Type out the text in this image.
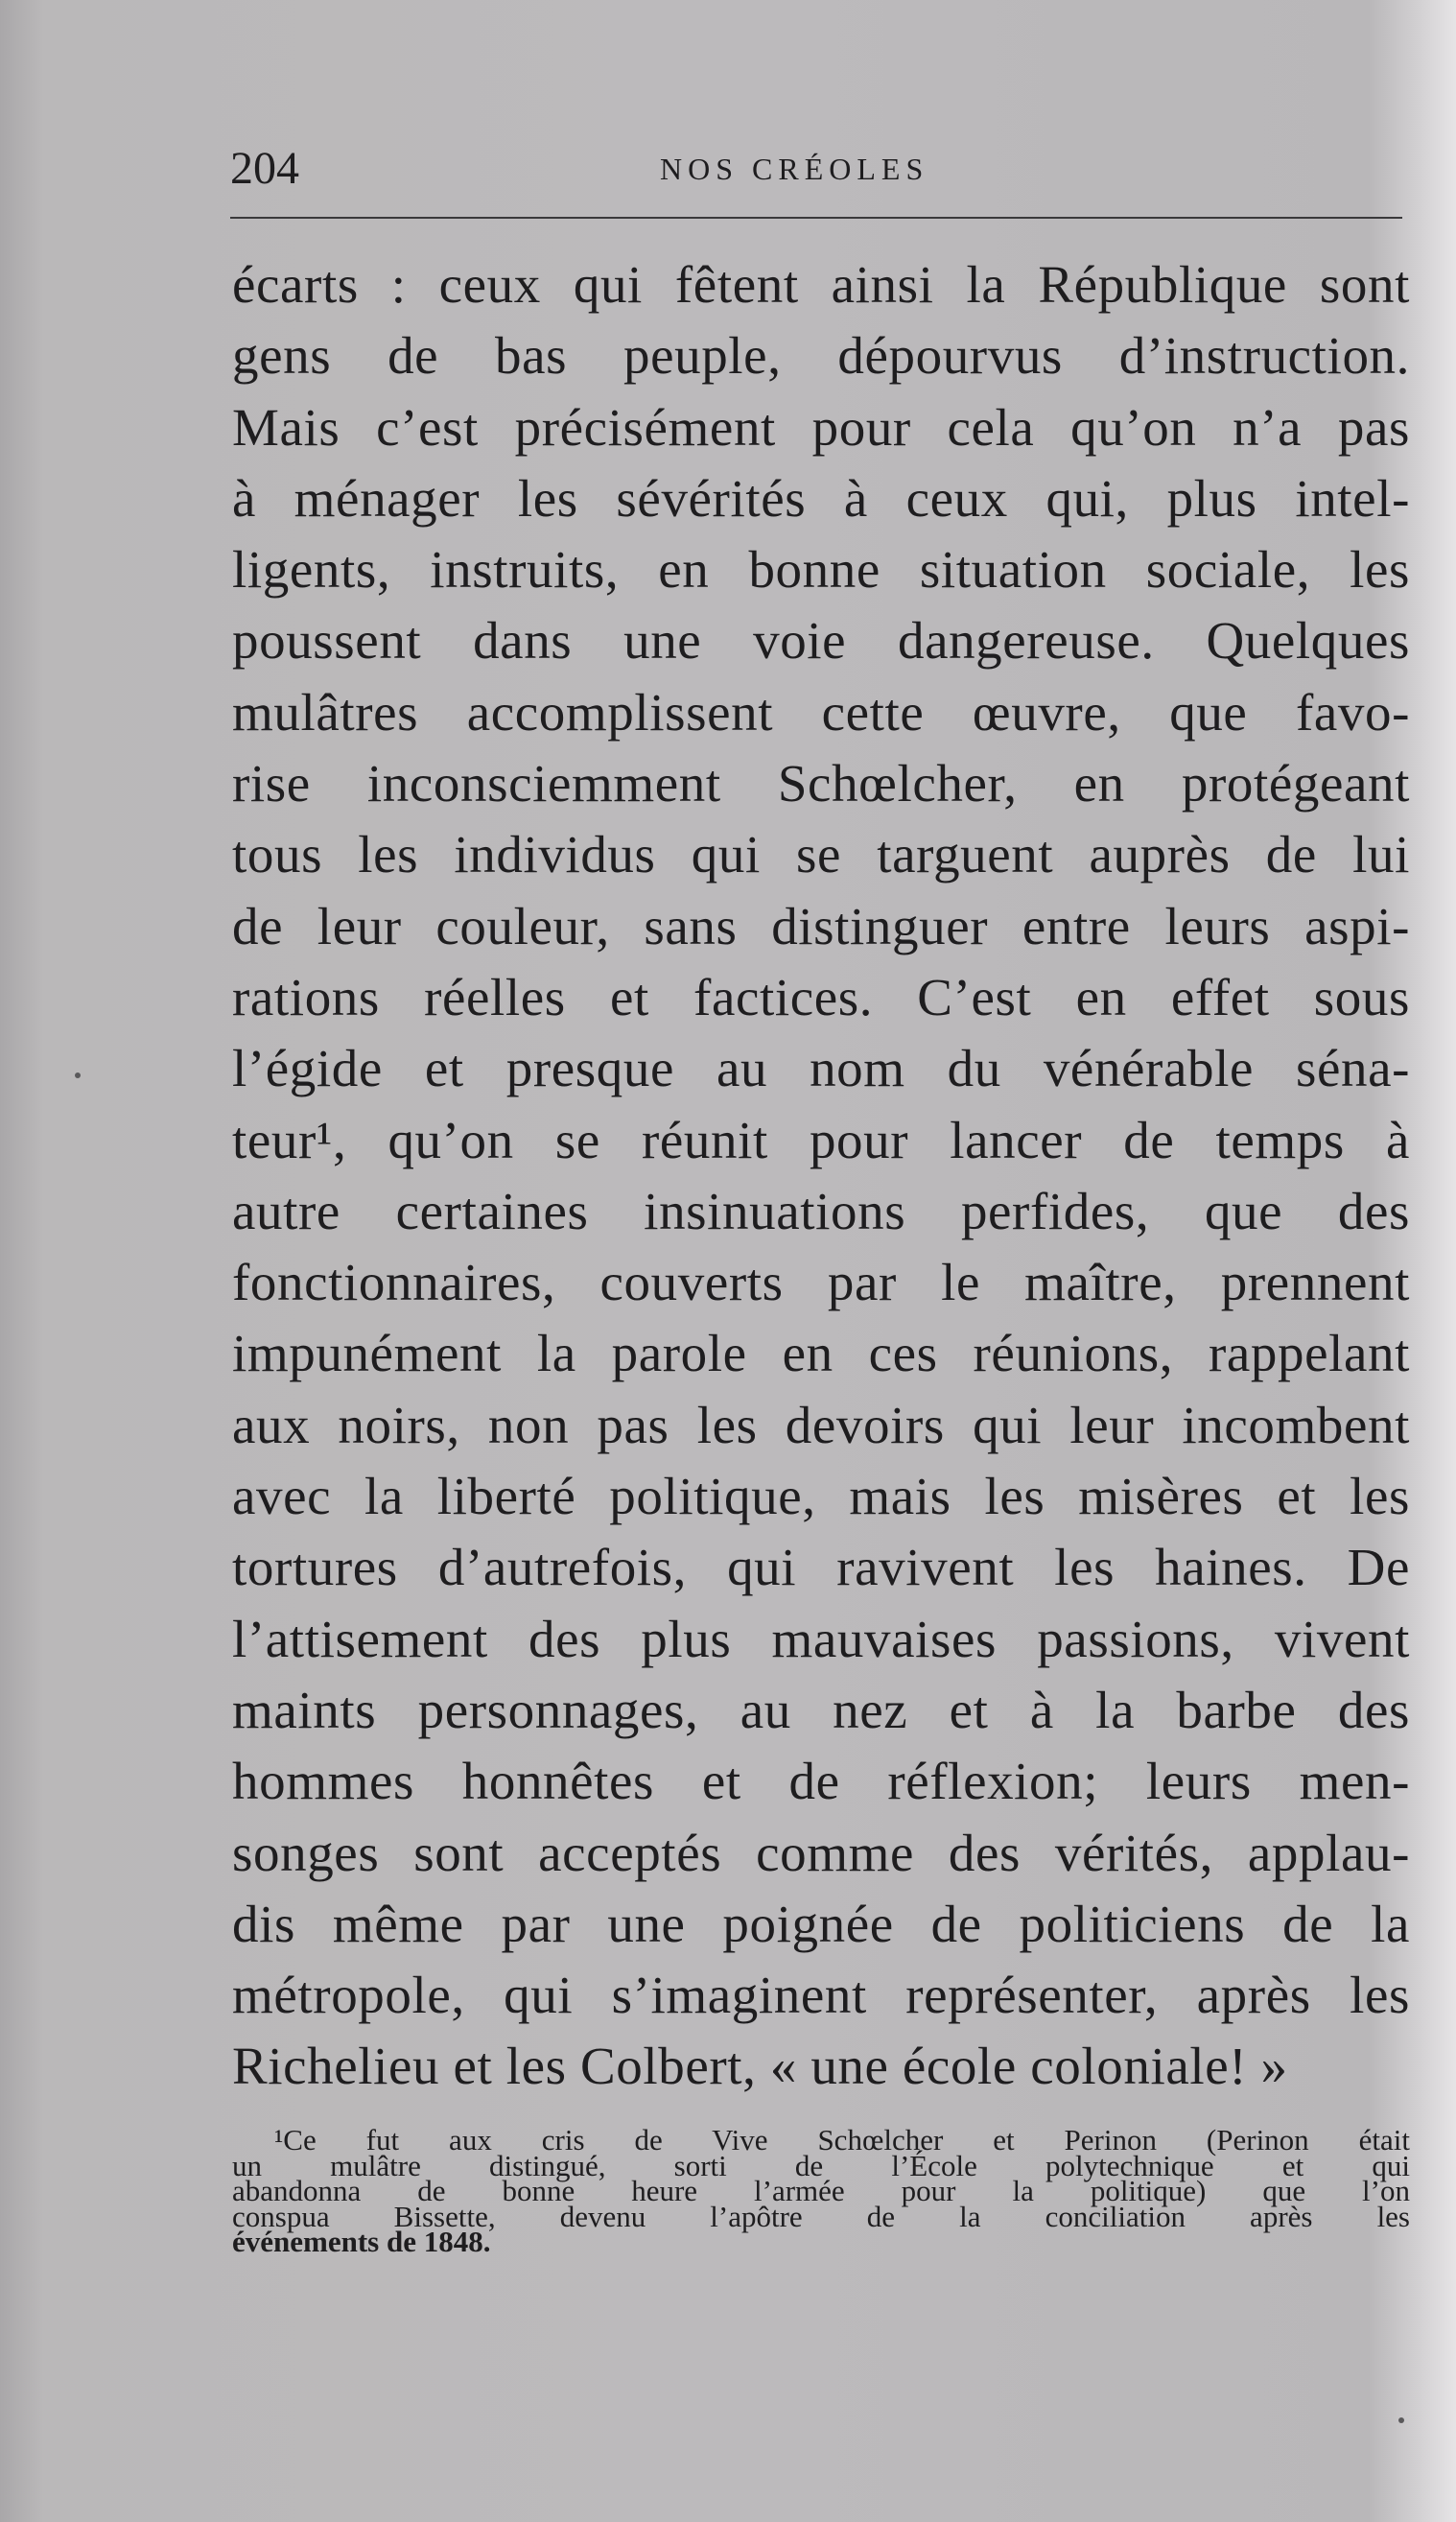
204	NOS CRÉOLES
écarts : ceux qui fêtent ainsi la République sont
gens de bas peuple, dépourvus d’instruction.
Mais c’est précisément pour cela qu’on n’a pas
à ménager les sévérités à ceux qui, plus intel-
ligents, instruits, en bonne situation sociale, les
poussent dans une voie dangereuse. Quelques
mulâtres accomplissent cette œuvre, que favo-
rise inconsciemment Schœlcher, en protégeant
tous les individus qui se targuent auprès de lui
de leur couleur, sans distinguer entre leurs aspi-
rations réelles et factices. C’est en effet sous
l’égide et presque au nom du vénérable séna-
teur¹, qu’on se réunit pour lancer de temps à
autre certaines insinuations perfides, que des
fonctionnaires, couverts par le maître, prennent
impunément la parole en ces réunions, rappelant
aux noirs, non pas les devoirs qui leur incombent
avec la liberté politique, mais les misères et les
tortures d’autrefois, qui ravivent les haines. De
l’attisement des plus mauvaises passions, vivent
maints personnages, au nez et à la barbe des
hommes honnêtes et de réflexion; leurs men-
songes sont acceptés comme des vérités, applau-
dis même par une poignée de politiciens de la
métropole, qui s’imaginent représenter, après les
Richelieu et les Colbert, « une école coloniale! »
¹Ce fut aux cris de Vive Schœlcher et Perinon (Perinon était
un mulâtre distingué, sorti de l’École polytechnique et qui
abandonna de bonne heure l’armée pour la politique) que l’on
conspua Bissette, devenu l’apôtre de la conciliation après les
événements de 1848.
